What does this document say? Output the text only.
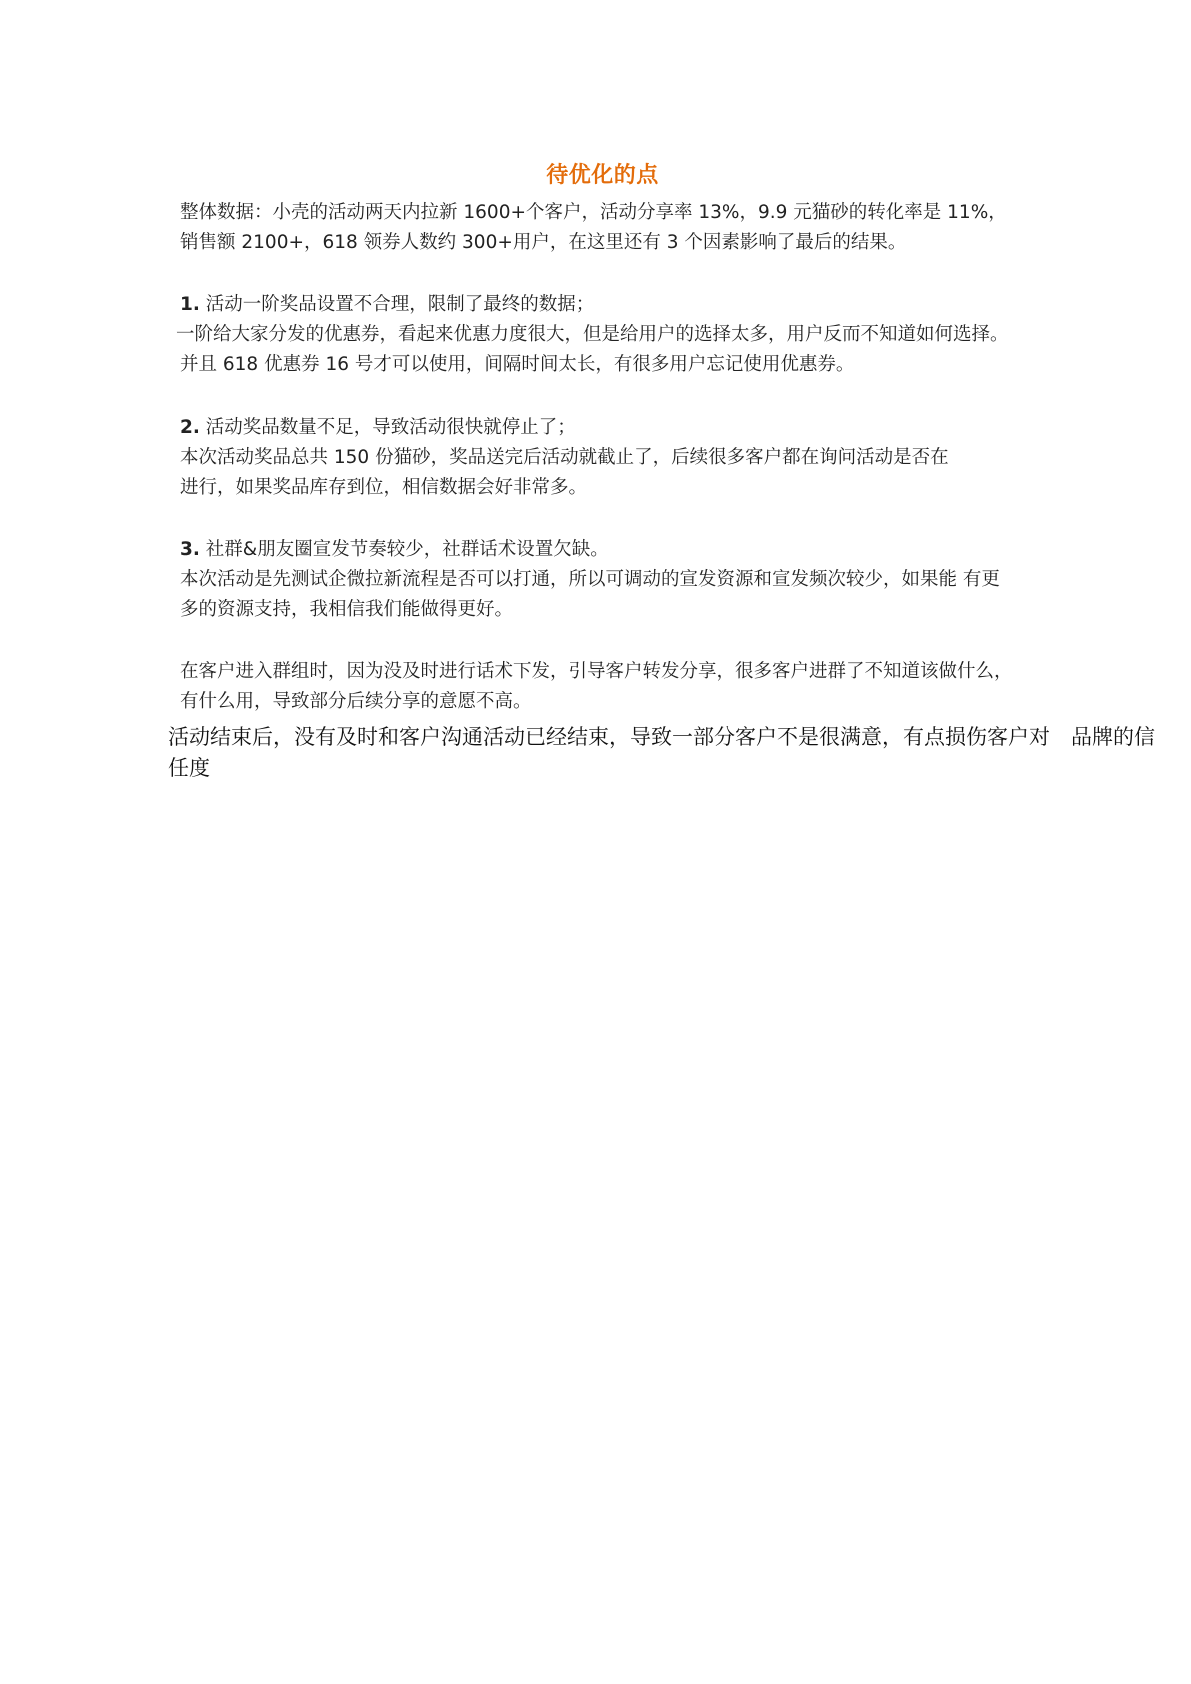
待优化的点
整体数据：小壳的活动两天内拉新 1600+个客户，活动分享率 13%，9.9 元猫砂的转化率是 11%，
销售额 2100+，618 领券人数约 300+用户，在这里还有 3 个因素影响了最后的结果。
1. 活动一阶奖品设置不合理，限制了最终的数据；
一阶给大家分发的优惠券，看起来优惠力度很大，但是给用户的选择太多，用户反而不知道如何选择。
并且 618 优惠券 16 号才可以使用，间隔时间太长，有很多用户忘记使用优惠券。
2. 活动奖品数量不足，导致活动很快就停止了；
本次活动奖品总共 150 份猫砂，奖品送完后活动就截止了，后续很多客户都在询问活动是否在
进行，如果奖品库存到位，相信数据会好非常多。
3. 社群&朋友圈宣发节奏较少，社群话术设置欠缺。
本次活动是先测试企微拉新流程是否可以打通，所以可调动的宣发资源和宣发频次较少，如果能 有更
多的资源支持，我相信我们能做得更好。
在客户进入群组时，因为没及时进行话术下发，引导客户转发分享，很多客户进群了不知道该做什么，
有什么用，导致部分后续分享的意愿不高。
活动结束后，没有及时和客户沟通活动已经结束，导致一部分客户不是很满意，有点损伤客户对　品牌的信
任度
